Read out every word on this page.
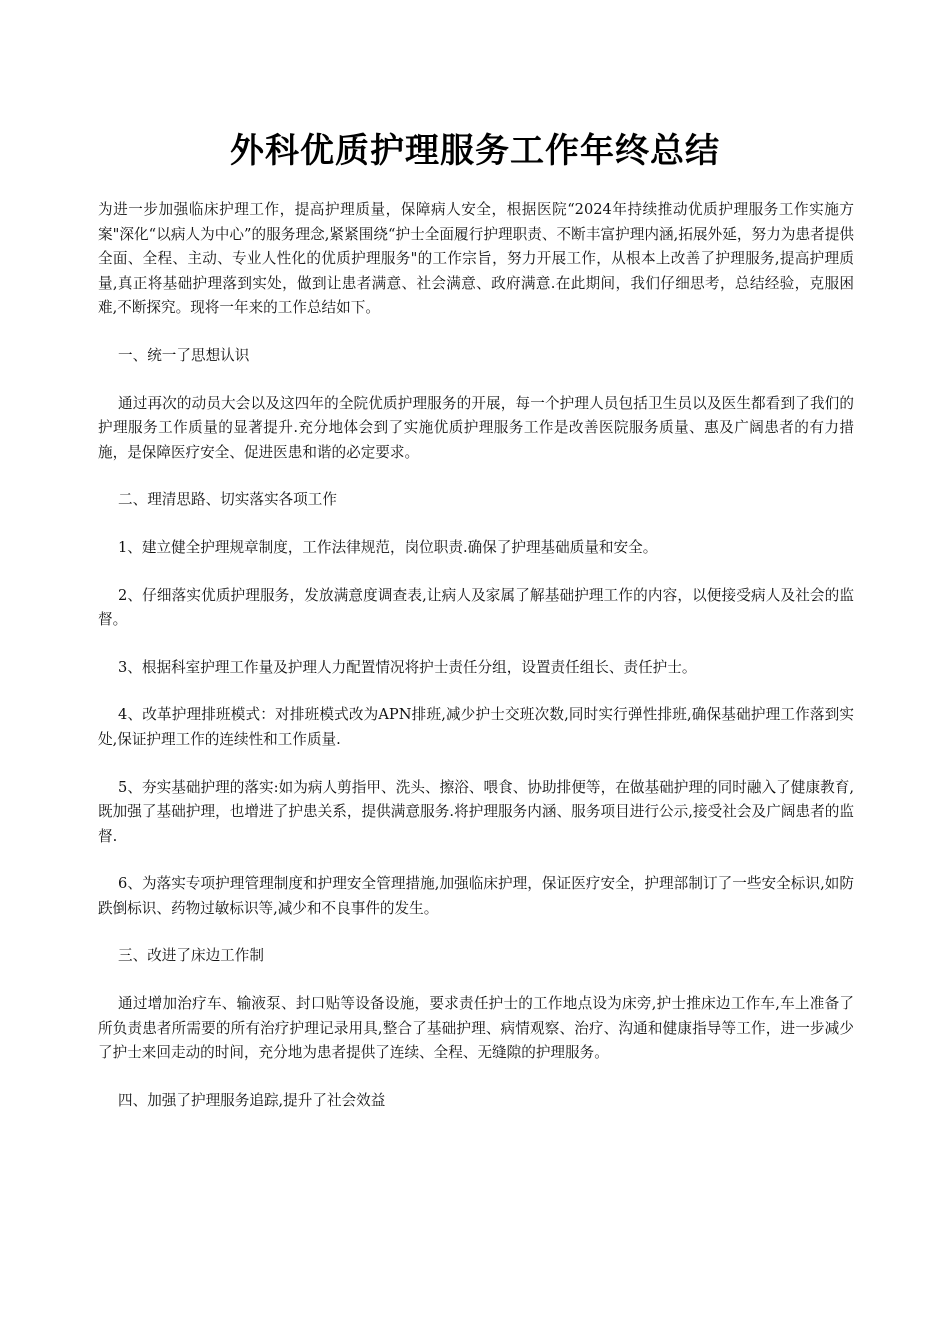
外科优质护理服务工作年终总结

为进一步加强临床护理工作，提高护理质量，保障病人安全，根据医院“2024年持续推动优质护理服务工作实施方案"深化“以病人为中心”的服务理念,紧紧围绕“护士全面履行护理职责、不断丰富护理内涵,拓展外延，努力为患者提供全面、全程、主动、专业人性化的优质护理服务"的工作宗旨，努力开展工作，从根本上改善了护理服务,提高护理质量,真正将基础护理落到实处，做到让患者满意、社会满意、政府满意.在此期间，我们仔细思考，总结经验，克服困难,不断探究。现将一年来的工作总结如下。

一、统一了思想认识

通过再次的动员大会以及这四年的全院优质护理服务的开展，每一个护理人员包括卫生员以及医生都看到了我们的护理服务工作质量的显著提升.充分地体会到了实施优质护理服务工作是改善医院服务质量、惠及广阔患者的有力措施，是保障医疗安全、促进医患和谐的必定要求。

二、理清思路、切实落实各项工作

1、建立健全护理规章制度，工作法律规范，岗位职责.确保了护理基础质量和安全。

2、仔细落实优质护理服务，发放满意度调查表,让病人及家属了解基础护理工作的内容，以便接受病人及社会的监督。

3、根据科室护理工作量及护理人力配置情况将护士责任分组，设置责任组长、责任护士。

4、改革护理排班模式：对排班模式改为APN排班,减少护士交班次数,同时实行弹性排班,确保基础护理工作落到实处,保证护理工作的连续性和工作质量.

5、夯实基础护理的落实:如为病人剪指甲、洗头、擦浴、喂食、协助排便等，在做基础护理的同时融入了健康教育,既加强了基础护理，也增进了护患关系，提供满意服务.将护理服务内涵、服务项目进行公示,接受社会及广阔患者的监督.

6、为落实专项护理管理制度和护理安全管理措施,加强临床护理，保证医疗安全，护理部制订了一些安全标识,如防跌倒标识、药物过敏标识等,减少和不良事件的发生。

三、改进了床边工作制

通过增加治疗车、输液泵、封口贴等设备设施，要求责任护士的工作地点设为床旁,护士推床边工作车,车上准备了所负责患者所需要的所有治疗护理记录用具,整合了基础护理、病情观察、治疗、沟通和健康指导等工作，进一步减少了护士来回走动的时间，充分地为患者提供了连续、全程、无缝隙的护理服务。

四、加强了护理服务追踪,提升了社会效益
